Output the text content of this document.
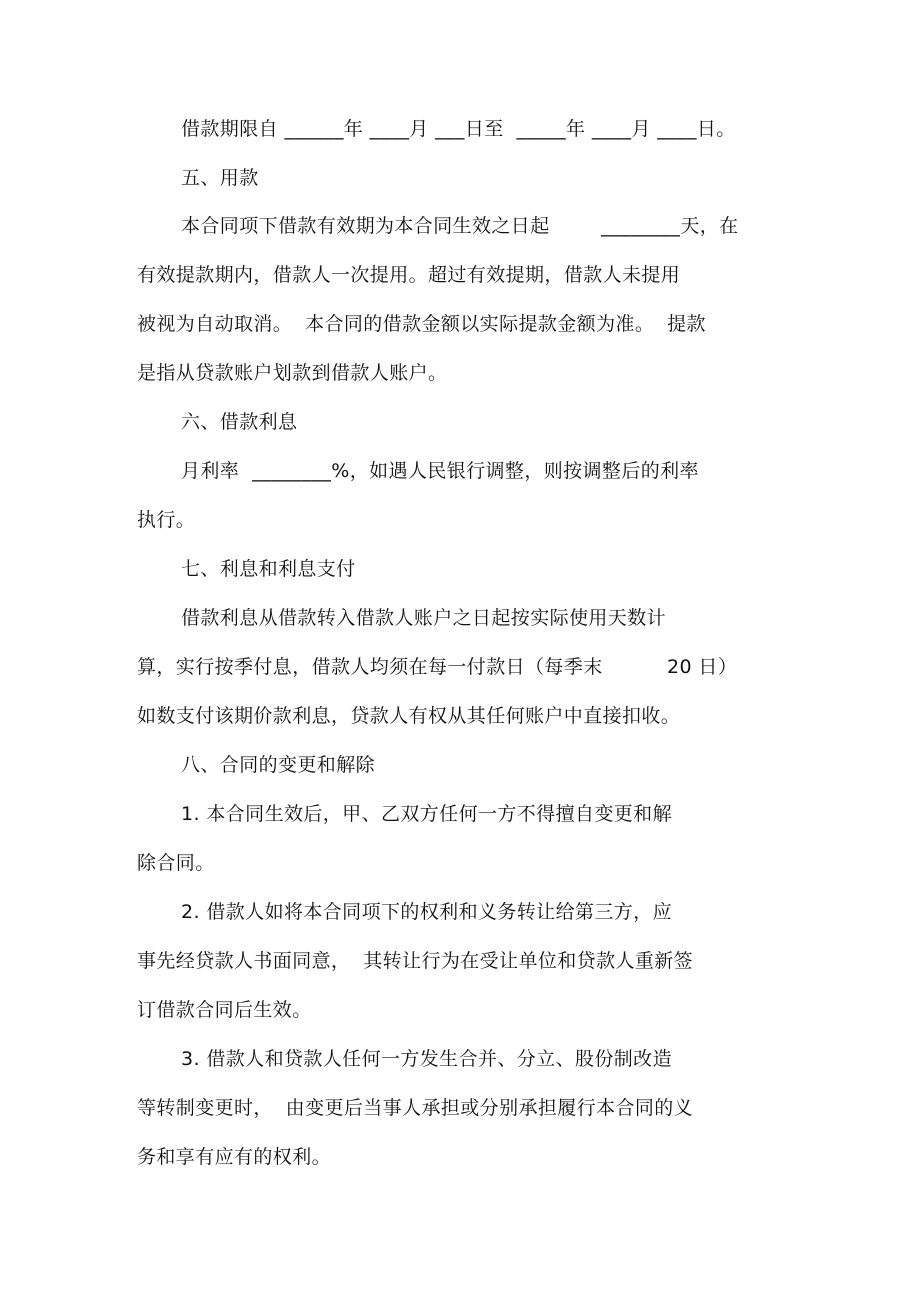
借款期限自 ______年 ____月 ___日至  _____年 ____月 ____日。
五、用款
本合同项下借款有效期为本合同生效之日起        ________天，在
有效提款期内，借款人一次提用。超过有效提期，借款人未提用
被视为自动取消。  本合同的借款金额以实际提款金额为准。  提款
是指从贷款账户划款到借款人账户。
六、借款利息
月利率  ________%，如遇人民银行调整，则按调整后的利率
执行。
七、利息和利息支付
借款利息从借款转入借款人账户之日起按实际使用天数计
算，实行按季付息，借款人均须在每一付款日（每季末          20 日）
如数支付该期价款利息，贷款人有权从其任何账户中直接扣收。
八、合同的变更和解除
1. 本合同生效后，甲、乙双方任何一方不得擅自变更和解
除合同。
2. 借款人如将本合同项下的权利和义务转让给第三方，应
事先经贷款人书面同意，  其转让行为在受让单位和贷款人重新签
订借款合同后生效。
3. 借款人和贷款人任何一方发生合并、分立、股份制改造
等转制变更时，  由变更后当事人承担或分别承担履行本合同的义
务和享有应有的权利。
